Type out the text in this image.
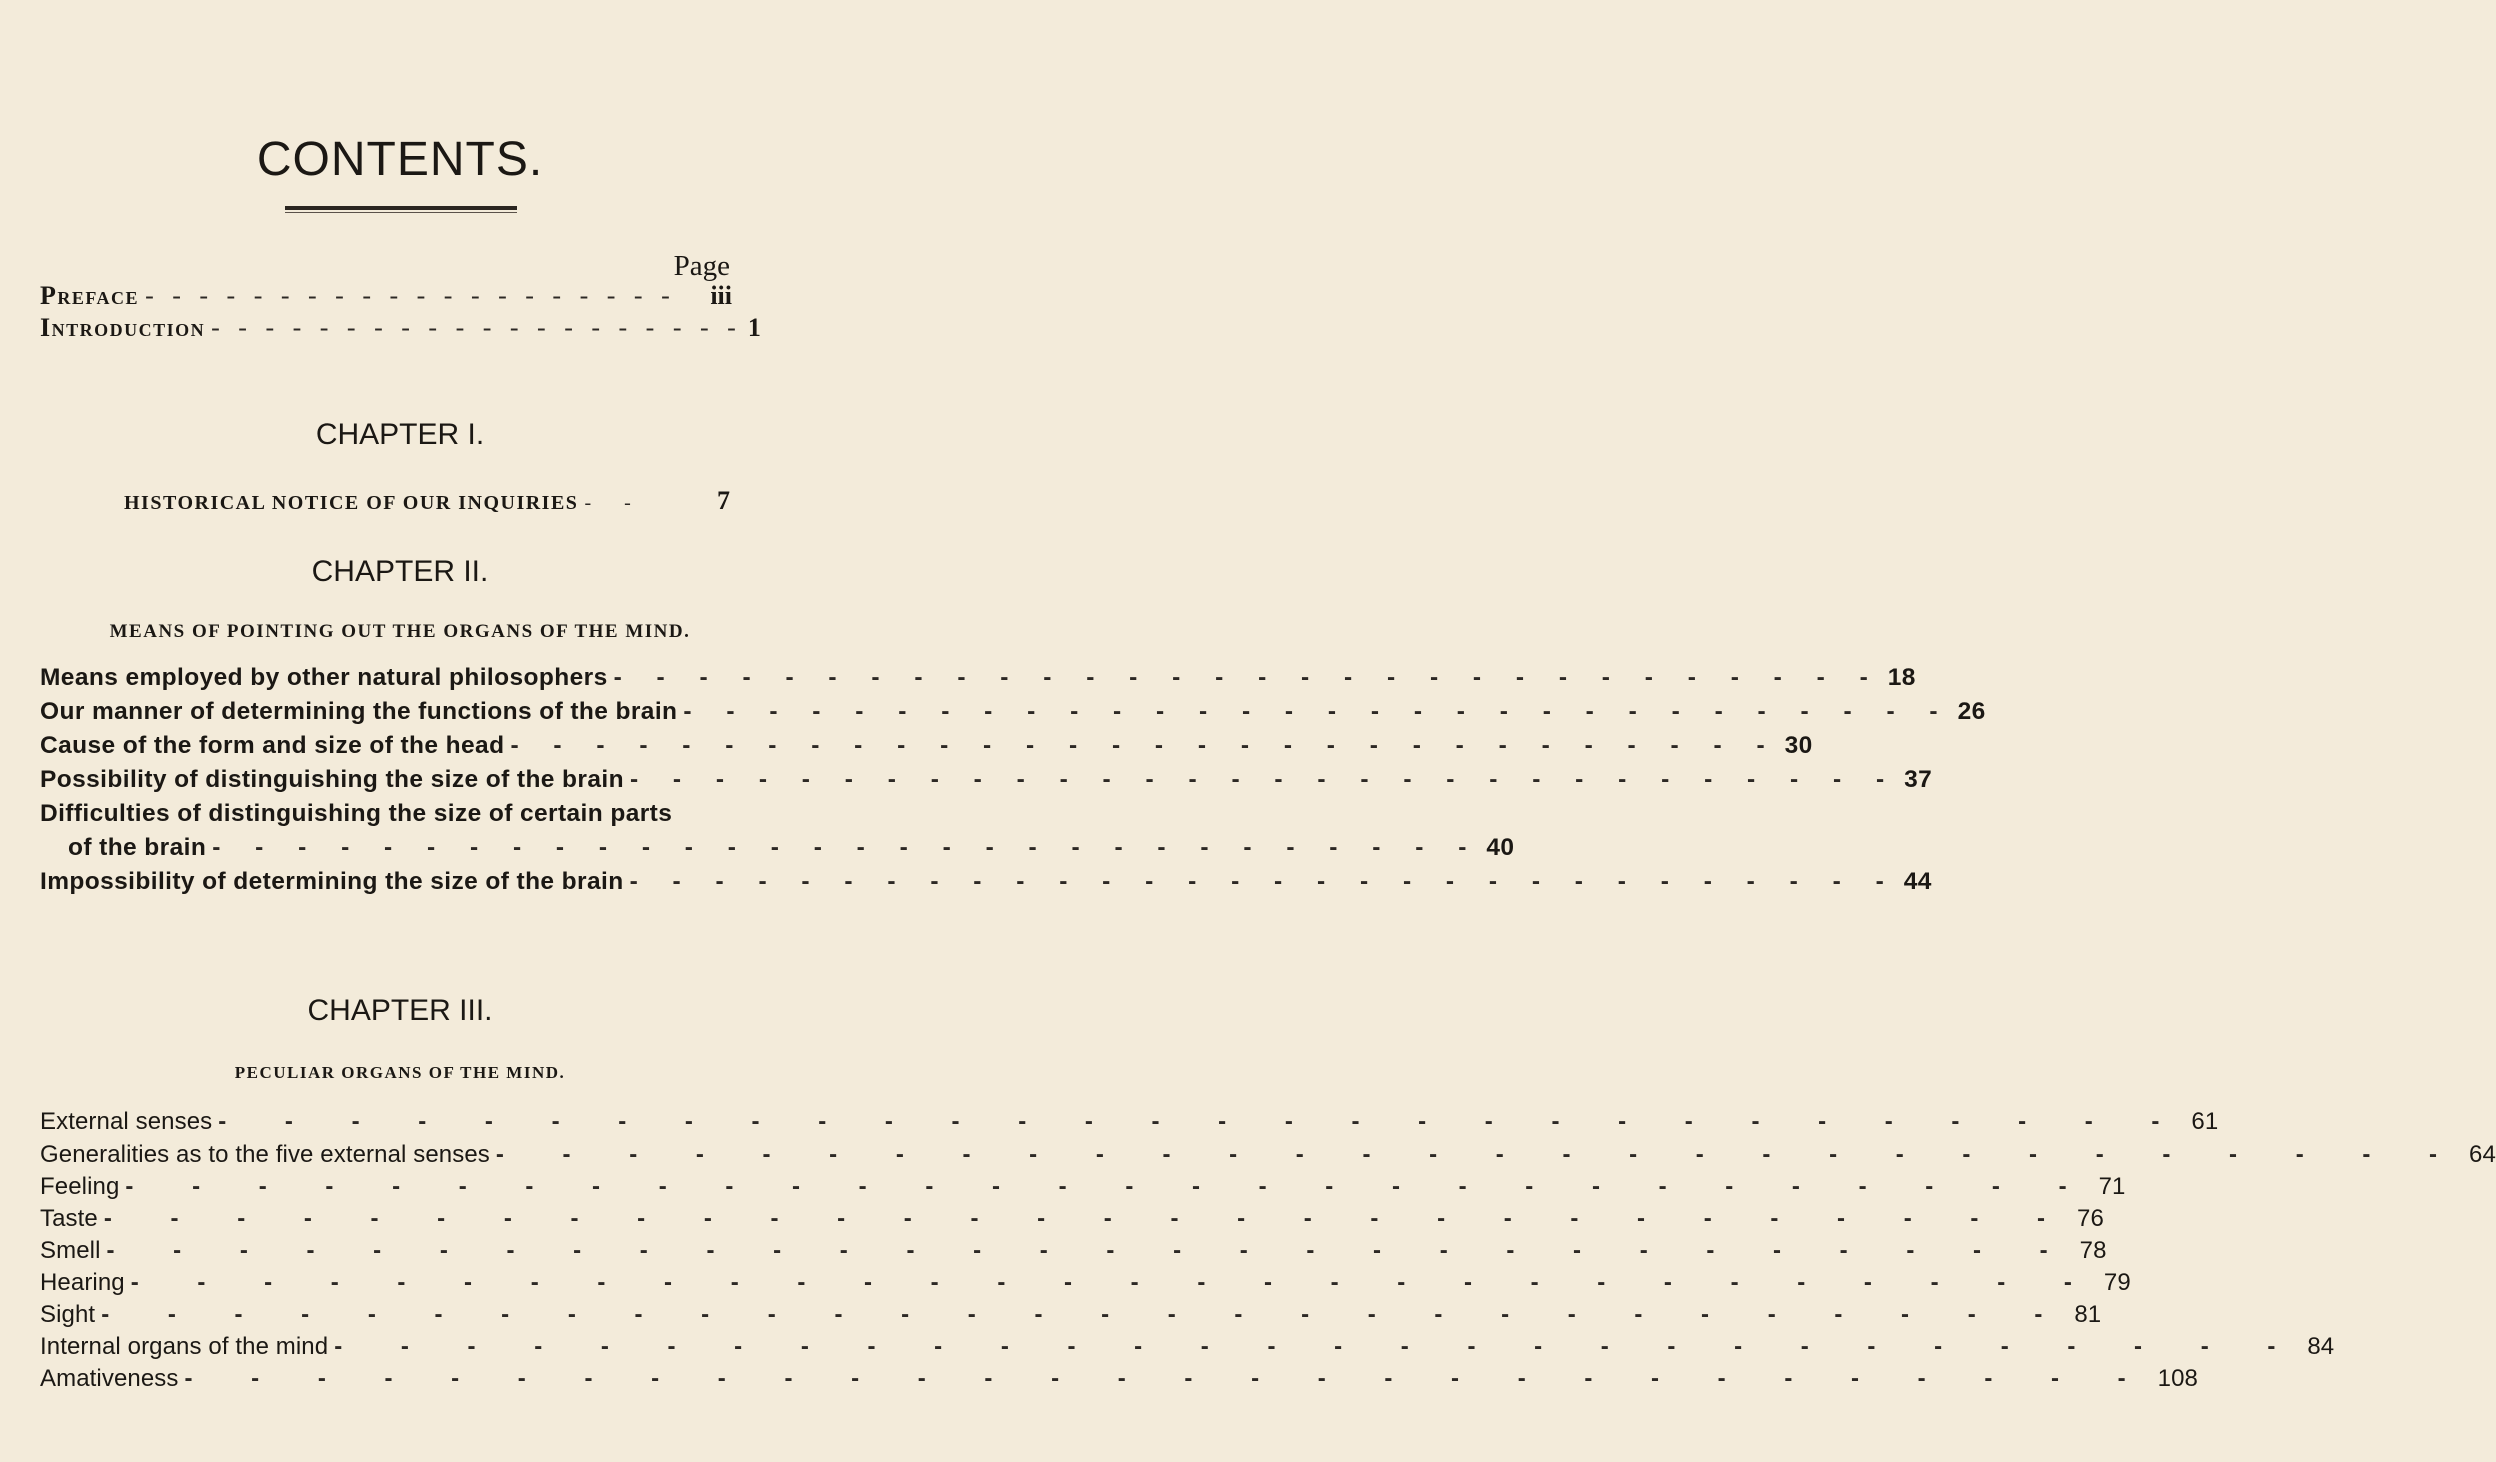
CONTENTS.
Page
Preface - - - - - - - - - - - - - - - - - - - -	iii
Introduction - - - - - - - - - - - - - - - - - - - - 1
CHAPTER I.
HISTORICAL NOTICE OF OUR INQUIRIES - -	7
CHAPTER II.
MEANS OF POINTING OUT THE ORGANS OF THE MIND.
Means employed by other natural philosophers - - - - - - - - - - - - - - - - - - - - - - - - - - - - - - 18
Our manner of determining the functions of the brain - - - - - - - - - - - - - - - - - - - - - - - - - - - - - - 26
Cause of the form and size of the head - - - - - - - - - - - - - - - - - - - - - - - - - - - - - - 30
Possibility of distinguishing the size of the brain - - - - - - - - - - - - - - - - - - - - - - - - - - - - - - 37
Difficulties of distinguishing the size of certain parts
of the brain - - - - - - - - - - - - - - - - - - - - - - - - - - - - - - 40
Impossibility of determining the size of the brain - - - - - - - - - - - - - - - - - - - - - - - - - - - - - - 44
CHAPTER III.
PECULIAR ORGANS OF THE MIND.
External senses - - - - - - - - - - - - - - - - - - - - - - - - - - - - - - 61
Generalities as to the five external senses - - - - - - - - - - - - - - - - - - - - - - - - - - - - - - 64
Feeling - - - - - - - - - - - - - - - - - - - - - - - - - - - - - - 71
Taste - - - - - - - - - - - - - - - - - - - - - - - - - - - - - - 76
Smell - - - - - - - - - - - - - - - - - - - - - - - - - - - - - - 78
Hearing - - - - - - - - - - - - - - - - - - - - - - - - - - - - - - 79
Sight - - - - - - - - - - - - - - - - - - - - - - - - - - - - - - 81
Internal organs of the mind - - - - - - - - - - - - - - - - - - - - - - - - - - - - - - 84
Amativeness - - - - - - - - - - - - - - - - - - - - - - - - - - - - - - 108
